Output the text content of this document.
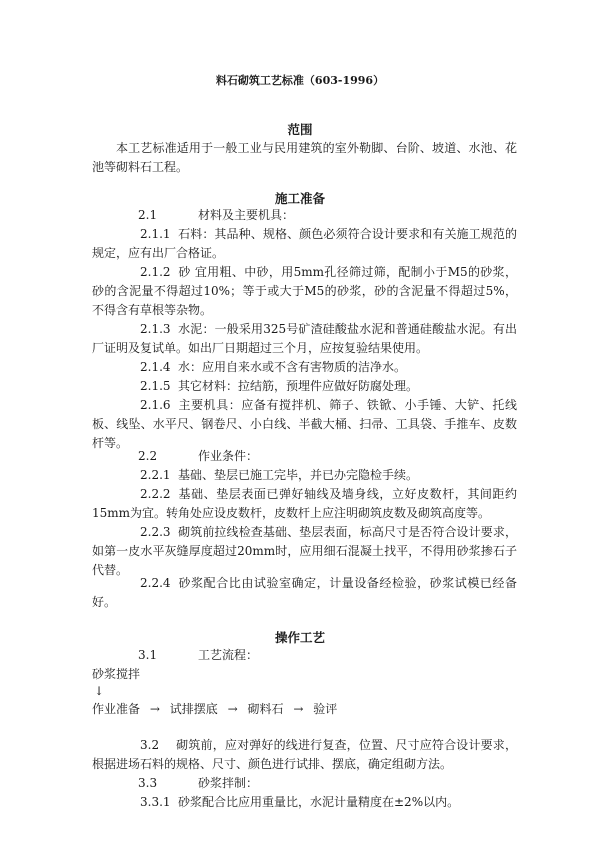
料石砌筑工艺标准（603-1996）
范围
本工艺标准适用于一般工业与民用建筑的室外勒脚、台阶、坡道、水池、花池等砌料石工程。
施工准备
2.1	材料及主要机具：
2.1.1 石料：其品种、规格、颜色必须符合设计要求和有关施工规范的规定，应有出厂合格证。
2.1.2 砂 宜用粗、中砂，用5mm孔径筛过筛，配制小于M5的砂浆，砂的含泥量不得超过10%；等于或大于M5的砂浆，砂的含泥量不得超过5%，不得含有草根等杂物。
2.1.3 水泥：一般采用325号矿渣硅酸盐水泥和普通硅酸盐水泥。有出厂证明及复试单。如出厂日期超过三个月，应按复验结果使用。
2.1.4 水：应用自来水或不含有害物质的洁净水。
2.1.5 其它材料：拉结筋，预埋件应做好防腐处理。
2.1.6 主要机具：应备有搅拌机、筛子、铁锨、小手锤、大铲、托线板、线坠、水平尺、钢卷尺、小白线、半截大桶、扫帚、工具袋、手推车、皮数杆等。
2.2	作业条件：
2.2.1 基础、垫层已施工完毕，并已办完隐检手续。
2.2.2 基础、垫层表面已弹好轴线及墙身线，立好皮数杆，其间距约15mm为宜。转角处应设皮数杆，皮数杆上应注明砌筑皮数及砌筑高度等。
2.2.3 砌筑前拉线检查基础、垫层表面，标高尺寸是否符合设计要求，如第一皮水平灰缝厚度超过20mm时，应用细石混凝土找平，不得用砂浆掺石子代替。
2.2.4 砂浆配合比由试验室确定，计量设备经检验，砂浆试模已经备好。
操作工艺
3.1	工艺流程：
砂浆搅拌
↓
作业准备 → 试排摆底 → 砌料石 → 验评
3.2 砌筑前，应对弹好的线进行复查，位置、尺寸应符合设计要求，根据进场石料的规格、尺寸、颜色进行试排、摆底，确定组砌方法。
3.3	砂浆拌制：
3.3.1 砂浆配合比应用重量比，水泥计量精度在±2%以内。
